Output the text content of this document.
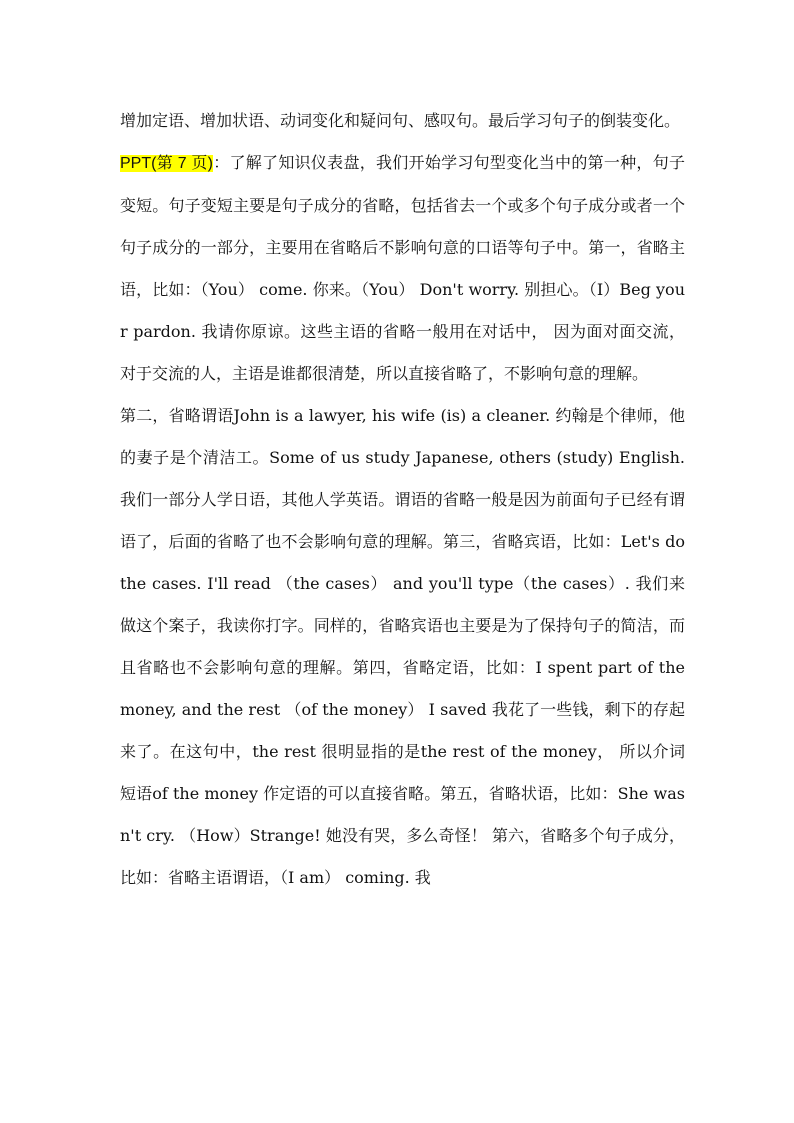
增加定语、增加状语、动词变化和疑问句、感叹句。最后学习句子的倒装变化。

PPT(第 7 页)：了解了知识仪表盘，我们开始学习句型变化当中的第一种，句子变短。句子变短主要是句子成分的省略，包括省去一个或多个句子成分或者一个句子成分的一部分，主要用在省略后不影响句意的口语等句子中。第一，省略主语，比如：（You） come. 你来。（You） Don't worry. 别担心。（I）Beg your pardon. 我请你原谅。这些主语的省略一般用在对话中， 因为面对面交流，对于交流的人，主语是谁都很清楚，所以直接省略了，不影响句意的理解。

第二，省略谓语John is a lawyer, his wife (is) a cleaner. 约翰是个律师，他的妻子是个清洁工。Some of us study Japanese, others (study) English. 我们一部分人学日语，其他人学英语。谓语的省略一般是因为前面句子已经有谓语了，后面的省略了也不会影响句意的理解。第三，省略宾语，比如：Let's do the cases. I'll read （the cases） and you'll type（the cases）. 我们来做这个案子，我读你打字。同样的，省略宾语也主要是为了保持句子的简洁，而且省略也不会影响句意的理解。第四，省略定语，比如：I spent part of the money, and the rest （of the money） I saved 我花了一些钱，剩下的存起来了。在这句中，the rest 很明显指的是the rest of the money， 所以介词短语of the money 作定语的可以直接省略。第五，省略状语，比如：She wasn't cry. （How）Strange! 她没有哭，多么奇怪！ 第六，省略多个句子成分，比如：省略主语谓语，（I am） coming. 我
